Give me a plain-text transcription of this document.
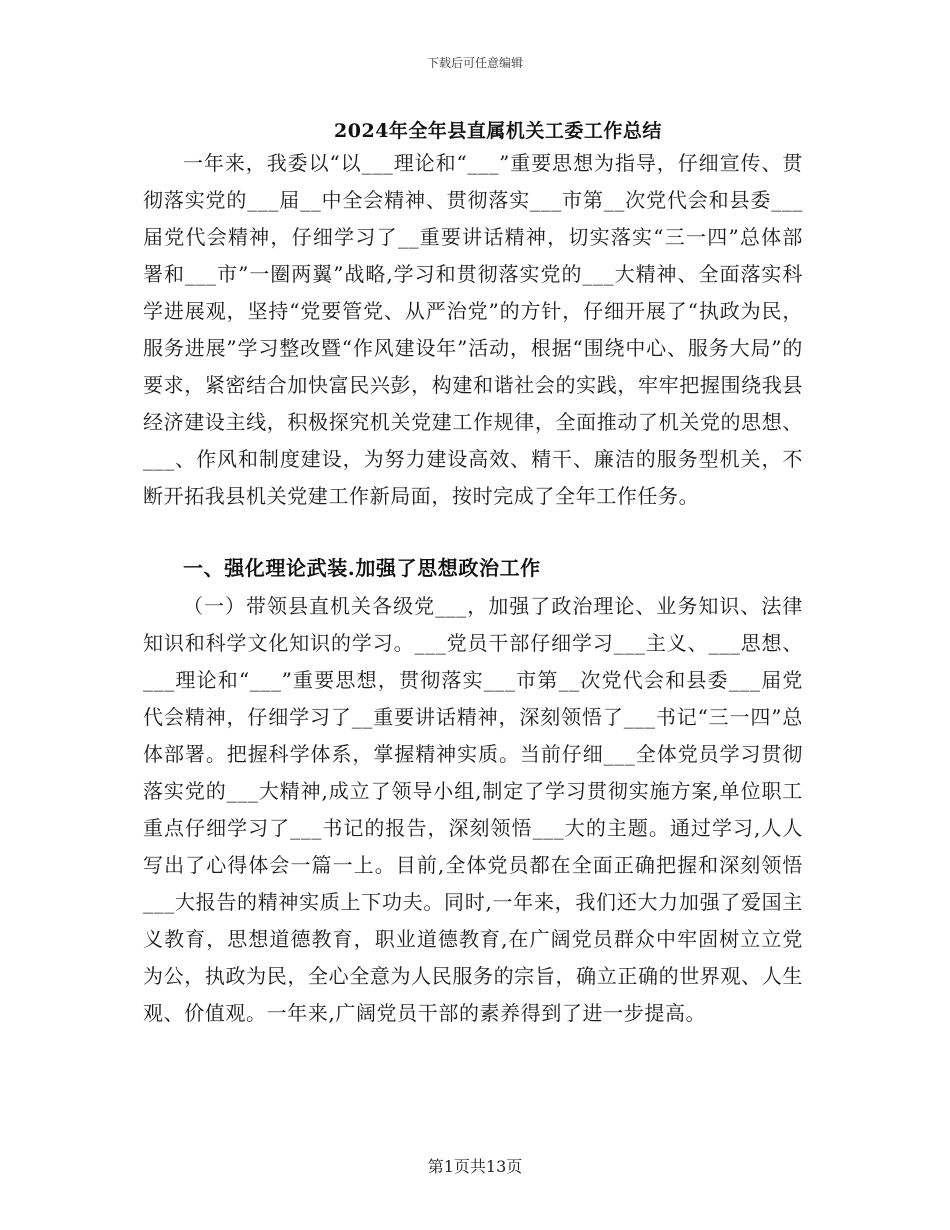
下载后可任意编辑
2024年全年县直属机关工委工作总结

一年来，我委以“以___理论和“___”重要思想为指导，仔细宣传、贯彻落实党的___届__中全会精神、贯彻落实___市第__次党代会和县委___届党代会精神，仔细学习了__重要讲话精神，切实落实“三一四”总体部署和___市”一圈两翼”战略,学习和贯彻落实党的___大精神、全面落实科学进展观，坚持“党要管党、从严治党”的方针，仔细开展了“执政为民，服务进展”学习整改暨“作风建设年”活动，根据“围绕中心、服务大局”的要求，紧密结合加快富民兴彭，构建和谐社会的实践，牢牢把握围绕我县经济建设主线，积极探究机关党建工作规律，全面推动了机关党的思想、___、作风和制度建设，为努力建设高效、精干、廉洁的服务型机关，不断开拓我县机关党建工作新局面，按时完成了全年工作任务。

一、强化理论武装.加强了思想政治工作

（一）带领县直机关各级党___，加强了政治理论、业务知识、法律知识和科学文化知识的学习。___党员干部仔细学习___主义、___思想、___理论和“___”重要思想，贯彻落实___市第__次党代会和县委___届党代会精神，仔细学习了__重要讲话精神，深刻领悟了___书记“三一四”总体部署。把握科学体系，掌握精神实质。当前仔细___全体党员学习贯彻落实党的___大精神,成立了领导小组,制定了学习贯彻实施方案,单位职工重点仔细学习了___书记的报告，深刻领悟___大的主题。通过学习,人人写出了心得体会一篇一上。目前,全体党员都在全面正确把握和深刻领悟___大报告的精神实质上下功夫。同时,一年来，我们还大力加强了爱国主义教育，思想道德教育，职业道德教育,在广阔党员群众中牢固树立立党为公，执政为民，全心全意为人民服务的宗旨，确立正确的世界观、人生观、价值观。一年来,广阔党员干部的素养得到了进一步提高。

第1页共13页
